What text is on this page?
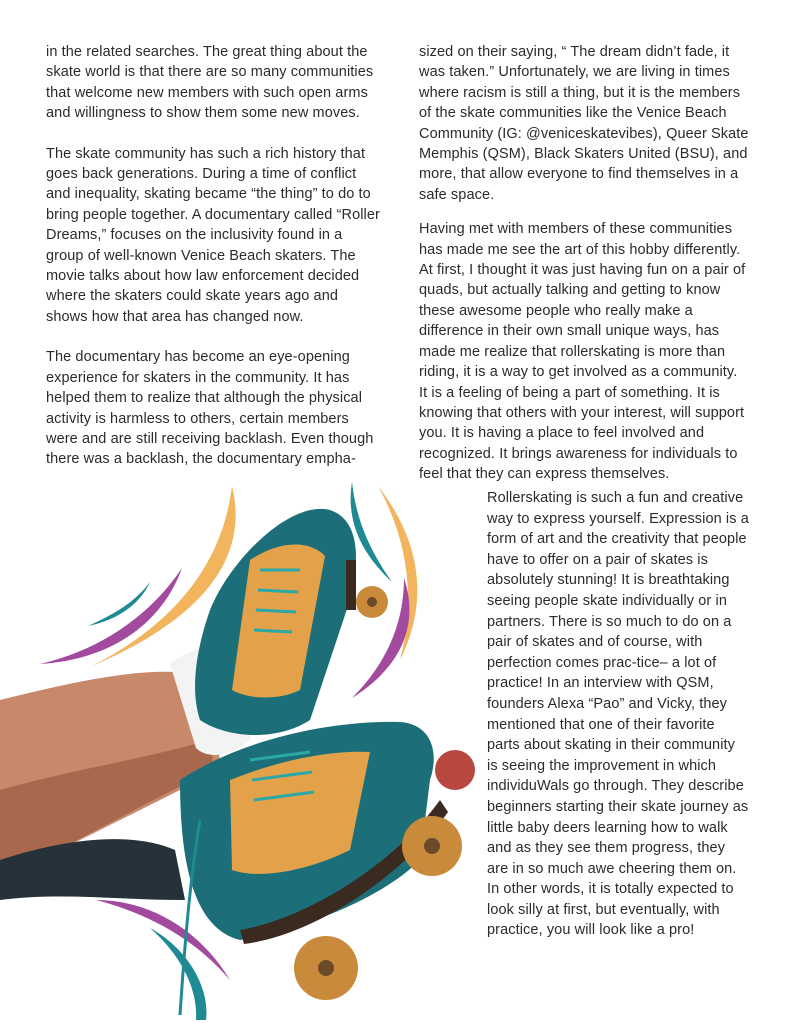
in the related searches. The great thing about the skate world is that there are so many communities that welcome new members with such open arms and willingness to show them some new moves.

The skate community has such a rich history that goes back generations. During a time of conflict and inequality, skating became “the thing” to do to bring people together. A documentary called “Roller Dreams,” focuses on the inclusivity found in a group of well-known Venice Beach skaters. The movie talks about how law enforcement decided where the skaters could skate years ago and shows how that area has changed now.

The documentary has become an eye-opening experience for skaters in the community. It has helped them to realize that although the physical activity is harmless to others, certain members were and are still receiving backlash. Even though there was a backlash, the documentary empha-

sized on their saying, “ The dream didn’t fade, it was taken.” Unfortunately, we are living in times where racism is still a thing, but it is the members of the skate communities like the Venice Beach Community (IG: @veniceskatevibes), Queer Skate Memphis (QSM), Black Skaters United (BSU), and more, that allow everyone to find themselves in a safe space.

Having met with members of these communities has made me see the art of this hobby differently. At first, I thought it was just having fun on a pair of quads, but actually talking and getting to know these awesome people who really make a difference in their own small unique ways, has made me realize that rollerskating is more than riding, it is a way to get involved as a community. It is a feeling of being a part of something. It is knowing that others with your interest, will support you. It is having a place to feel involved and recognized. It brings awareness for individuals to feel that they can express themselves.

Rollerskating is such a fun and creative way to express yourself. Expression is a form of art and the creativity that people have to offer on a pair of skates is absolutely stunning! It is breathtaking seeing people skate individually or in partners. There is so much to do on a pair of skates and of course, with perfection comes prac-tice– a lot of practice! In an interview with QSM, founders Alexa “Pao” and Vicky, they mentioned that one of their favorite parts about skating in their community is seeing the improvement in which individuWals go through. They describe beginners starting their skate journey as little baby deers learning how to walk and as they see them progress, they are in so much awe cheering them on. In other words, it is totally expected to look silly at first, but eventually, with practice, you will look like a pro!
